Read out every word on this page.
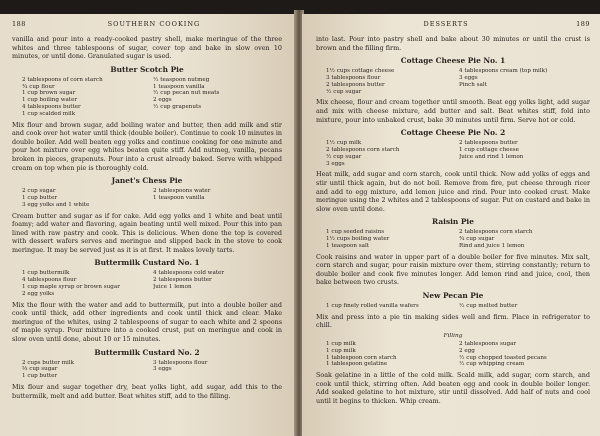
188	SOUTHERN COOKING

vanilla and pour into a ready-cooked pastry shell, make meringue of the three whites and three tablespoons of sugar, cover top and bake in slow oven 10 minutes, or until done. Granulated sugar is used.

Butter Scotch Pie
2 tablespoons of corn starch	½ teaspoon nutmeg
¾ cup flour	1 teaspoon vanilla
1 cup brown sugar	½ cup pecan nut meats
1 cup boiling water	2 eggs
4 tablespoons butter	½ cup grapenuts
1 cup scalded milk

Mix flour and brown sugar, add boiling water and butter, then add milk and stir and cook over hot water until thick (double boiler). Continue to cook 10 minutes in double boiler. Add well beaten egg yolks and continue cooking for one minute and pour hot mixture over egg whites beaten quite stiff. Add nutmeg, vanilla, pecans broken in pieces, grapenuts. Pour into a crust already baked. Serve with whipped cream on top when pie is thoroughly cold.

Janet's Chess Pie
2 cup sugar	2 tablespoons water
1 cup butter	1 teaspoon vanilla
3 egg yolks and 1 white

Cream butter and sugar as if for cake. Add egg yolks and 1 white and beat until foamy; add water and flavoring, again beating until well mixed. Pour this into pan lined with raw pastry and cook. This is delicious. When done the top is covered with dessert wafers serves and meringue and slipped back in the stove to cook meringue. It may be served just as it is at first. It makes lovely tarts.

Buttermilk Custard No. 1
1 cup buttermilk	4 tablespoons cold water
4 tablespoons flour	2 tablespoons butter
1 cup maple syrup or brown sugar	Juice 1 lemon
2 egg yolks

Mix the flour with the water and add to buttermilk, put into a double boiler and cook until thick, add other ingredients and cook until thick and clear. Make meringue of the whites, using 2 tablespoons of sugar to each white and 2 spoons of maple syrup. Pour mixture into a cooked crust, put on meringue and cook in slow oven until done, about 10 or 15 minutes.

Buttermilk Custard No. 2
2 cups butter milk	3 tablespoons flour
⅔ cup sugar	3 eggs
1 cup butter

Mix flour and sugar together dry, beat yolks light, add sugar, add this to the buttermilk, melt and add butter. Beat whites stiff, add to the filling.

DESSERTS	189

into last. Pour into pastry shell and bake about 30 minutes or until the crust is brown and the filling firm.

Cottage Cheese Pie No. 1
1½ cups cottage cheese	4 tablespoons cream (top milk)
3 tablespoons flour	3 eggs
2 tablespoons butter	Pinch salt
½ cup sugar

Mix cheese, flour and cream together until smooth. Beat egg yolks light, add sugar and mix with cheese mixture, add butter and salt. Beat whites stiff, fold into mixture, pour into unbaked crust, bake 30 minutes until firm. Serve hot or cold.

Cottage Cheese Pie No. 2
1½ cup milk	2 tablespoons butter
2 tablespoons corn starch	1 cup cottage cheese
½ cup sugar	Juice and rind 1 lemon
3 eggs

Heat milk, add sugar and corn starch, cook until thick. Now add yolks of eggs and stir until thick again, but do not boil. Remove from fire, put cheese through ricer and add to egg mixture, add lemon juice and rind. Pour into cooked crust. Make meringue using the 2 whites and 2 tablespoons of sugar. Put on custard and bake in slow oven until done.

Raisin Pie
1 cup seeded raisins	2 tablespoons corn starch
1½ cups boiling water	¾ cup sugar
1 teaspoon salt	Rind and juice 1 lemon

Cook raisins and water in upper part of a double boiler for five minutes. Mix salt, corn starch and sugar, pour raisin mixture over them, stirring constantly; return to double boiler and cook five minutes longer. Add lemon rind and juice, cool, then bake between two crusts.

New Pecan Pie
1 cup finely rolled vanilla wafers	½ cup melted butter

Mix and press into a pie tin making sides well and firm. Place in refrigerator to chill.

Filling
1 cup milk	2 tablespoons sugar
1 cup milk	2 egg
1 tablespoon corn starch	½ cup chopped toasted pecans
1 tablespoon gelatine	½ cup whipping cream

Soak gelatine in a little of the cold milk. Scald milk, add sugar, corn starch, and cook until thick, stirring often. Add beaten egg and cook in double boiler longer. Add soaked gelatine to hot mixture, stir until dissolved. Add half of nuts and cool until it begins to thicken. Whip cream.
